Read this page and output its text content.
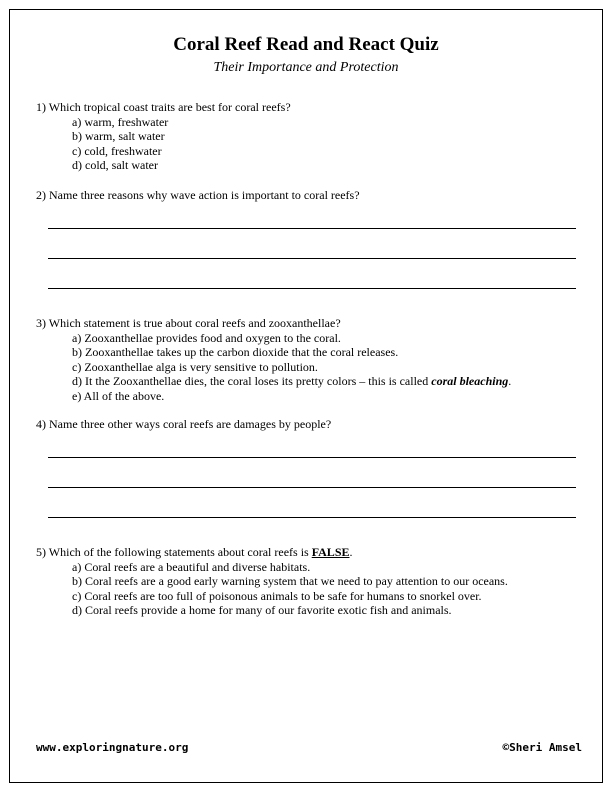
Coral Reef Read and React Quiz
Their Importance and Protection
1) Which tropical coast traits are best for coral reefs?
a) warm, freshwater
b) warm, salt water
c) cold, freshwater
d) cold, salt water
2) Name three reasons why wave action is important to coral reefs?
3) Which statement is true about coral reefs and zooxanthellae?
a) Zooxanthellae provides food and oxygen to the coral.
b) Zooxanthellae takes up the carbon dioxide that the coral releases.
c) Zooxanthellae alga is very sensitive to pollution.
d) It the Zooxanthellae dies, the coral loses its pretty colors – this is called coral bleaching.
e) All of the above.
4) Name three other ways coral reefs are damages by people?
5) Which of the following statements about coral reefs is FALSE.
a) Coral reefs are a beautiful and diverse habitats.
b) Coral reefs are a good early warning system that we need to pay attention to our oceans.
c) Coral reefs are too full of poisonous animals to be safe for humans to snorkel over.
d) Coral reefs provide a home for many of our favorite exotic fish and animals.
www.exploringnature.org	©Sheri Amsel
